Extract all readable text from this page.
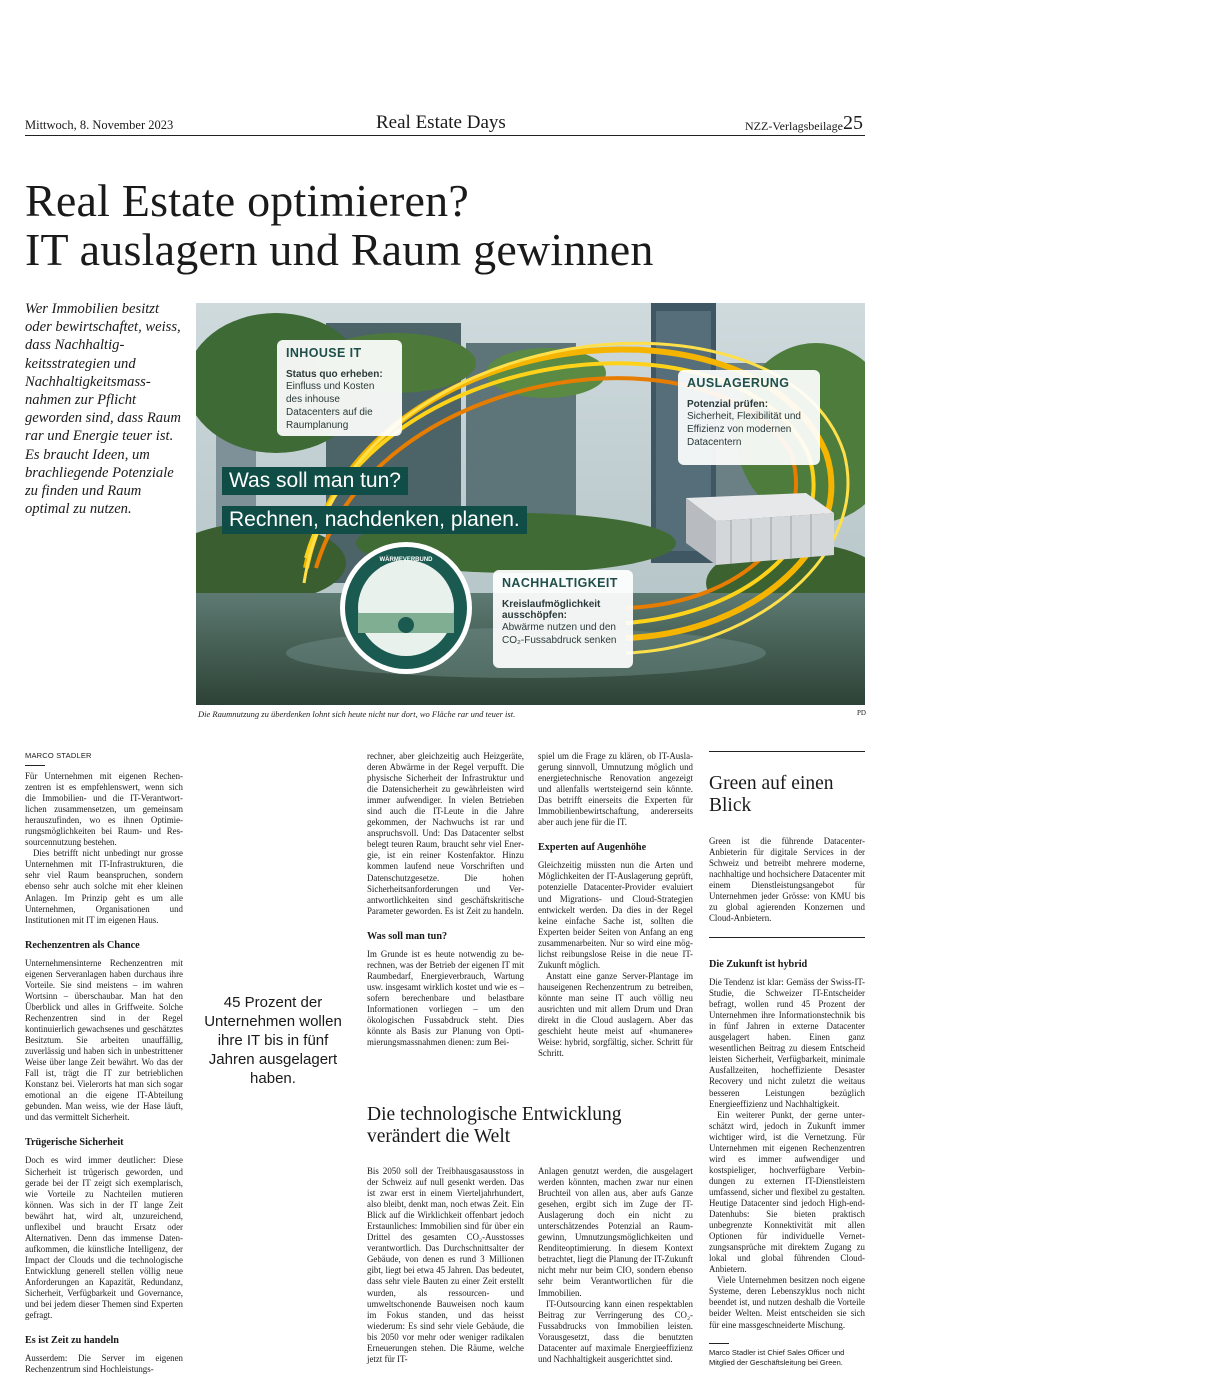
Mittwoch, 8. November 2023	Real Estate Days	NZZ-Verlagsbeilage 25
Real Estate optimieren?
IT auslagern und Raum gewinnen
Wer Immobilien besitzt oder bewirtschaftet, weiss, dass Nachhaltigkeitsstrategien und Nachhaltigkeitsmassnahmen zur Pflicht geworden sind, dass Raum rar und Energie teuer ist. Es braucht Ideen, um brachliegende Potenziale zu finden und Raum optimal zu nutzen.
WÄRMEVERBUND
INHOUSE IT
Status quo erheben:
Einfluss und Kosten des inhouse Datacenters auf die Raumplanung
AUSLAGERUNG
Potenzial prüfen:
Sicherheit, Flexibilität und Effizienz von modernen Datacentern
NACHHALTIGKEIT
Kreislaufmöglichkeit ausschöpfen:
Abwärme nutzen und den CO₂-Fussabdruck senken
Was soll man tun?
Rechnen, nachdenken, planen.
Die Raumnutzung zu überdenken lohnt sich heute nicht nur dort, wo Fläche rar und teuer ist.	PD
MARCO STADLER

Für Unternehmen mit eigenen Rechenzentren ist es empfehlenswert, wenn sich die Immobilien- und die IT-Verantwortlichen zusammensetzen, um gemeinsam herauszufinden, wo es ihnen Optimierungsmöglichkeiten bei Raum- und Ressourcennutzung bestehen.

Dies betrifft nicht unbedingt nur grosse Unternehmen mit IT-Infrastrukturen, die sehr viel Raum beanspruchen, sondern ebenso sehr auch solche mit eher kleinen Anlagen. Im Prinzip geht es um alle Unternehmen, Organisationen und Institutionen mit IT im eigenen Haus.

Rechenzentren als Chance

Unternehmensinterne Rechenzentren mit eigenen Serveranlagen haben durchaus ihre Vorteile. Sie sind meistens – im wahren Wortsinn – überschaubar. Man hat den Überblick und alles in Griffweite. Solche Rechenzentren sind in der Regel kontinuierlich gewachsenes und geschätztes Besitztum. Sie arbeiten unauffällig, zuverlässig und haben sich in unbestrittener Weise über lange Zeit bewährt. Wo das der Fall ist, trägt die IT zur betrieblichen Konstanz bei. Vielerorts hat man sich sogar emotional an die eigene IT-Abteilung gebunden. Man weiss, wie der Hase läuft, und das vermittelt Sicherheit.

Trügerische Sicherheit

Doch es wird immer deutlicher: Diese Sicherheit ist trügerisch geworden, und gerade bei der IT zeigt sich exemplarisch, wie Vorteile zu Nachteilen mutieren können. Was sich in der IT lange Zeit bewährt hat, wird alt, unzureichend, unflexibel und braucht Ersatz oder Alternativen. Denn das immense Datenaufkommen, die künstliche Intelligenz, der Impact der Clouds und die technologische Entwicklung generell stellen völlig neue Anforderungen an Kapazität, Redundanz, Sicherheit, Verfügbarkeit und Governance, und bei jedem dieser Themen sind Experten gefragt.

Es ist Zeit zu handeln

Ausserdem: Die Server im eigenen Rechenzentrum sind Hochleistungs-

45 Prozent der Unternehmen wollen ihre IT bis in fünf Jahren ausgelagert haben.

rechner, aber gleichzeitig auch Heizgeräte, deren Abwärme in der Regel verpufft. Die physische Sicherheit der Infrastruktur und die Datensicherheit zu gewährleisten wird immer aufwendiger. In vielen Betrieben sind auch die IT-Leute in die Jahre gekommen, der Nachwuchs ist rar und anspruchsvoll. Und: Das Datacenter selbst belegt teuren Raum, braucht sehr viel Energie, ist ein reiner Kostenfaktor. Hinzu kommen laufend neue Vorschriften und Datenschutzgesetze. Die hohen Sicherheitsanforderungen und Verantwortlichkeiten sind geschäftskritische Parameter geworden. Es ist Zeit zu handeln.

Was soll man tun?

Im Grunde ist es heute notwendig zu berechnen, was der Betrieb der eigenen IT mit Raumbedarf, Energieverbrauch, Wartung usw. insgesamt wirklich kostet und wie es – sofern berechenbare und belastbare Informationen vorliegen – um den ökologischen Fussabdruck steht. Dies könnte als Basis zur Planung von Optimierungsmassnahmen dienen: zum Bei-

spiel um die Frage zu klären, ob IT-Auslagerung sinnvoll, Umnutzung möglich und energietechnische Renovation angezeigt und allenfalls wertsteigernd sein könnte. Das betrifft einerseits die Experten für Immobilienbewirtschaftung, andererseits aber auch jene für die IT.

Experten auf Augenhöhe

Gleichzeitig müssten nun die Arten und Möglichkeiten der IT-Auslagerung geprüft, potenzielle Datacenter-Provider evaluiert und Migrations- und Cloud-Strategien entwickelt werden. Da dies in der Regel keine einfache Sache ist, sollten die Experten beider Seiten von Anfang an eng zusammenarbeiten. Nur so wird eine möglichst reibungslose Reise in die neue IT-Zukunft möglich.

Anstatt eine ganze Server-Plantage im hauseigenen Rechenzentrum zu betreiben, könnte man seine IT auch völlig neu ausrichten und mit allem Drum und Dran direkt in die Cloud auslagern. Aber das geschieht heute meist auf «humanere» Weise: hybrid, sorgfältig, sicher. Schritt für Schritt.

Die technologische Entwicklung verändert die Welt

Bis 2050 soll der Treibhausgasausstoss in der Schweiz auf null gesenkt werden. Das ist zwar erst in einem Vierteljahrhundert, also bleibt, denkt man, noch etwas Zeit. Ein Blick auf die Wirklichkeit offenbart jedoch Erstaunliches: Immobilien sind für über ein Drittel des gesamten CO₂-Ausstosses verantwortlich. Das Durchschnittsalter der Gebäude, von denen es rund 3 Millionen gibt, liegt bei etwa 45 Jahren. Das bedeutet, dass sehr viele Bauten zu einer Zeit erstellt wurden, als ressourcen- und umweltschonende Bauweisen noch kaum im Fokus standen, und das heisst wiederum: Es sind sehr viele Gebäude, die bis 2050 vor mehr oder weniger radikalen Erneuerungen stehen. Die Räume, welche jetzt für IT-

Anlagen genutzt werden, die ausgelagert werden könnten, machen zwar nur einen Bruchteil von allen aus, aber aufs Ganze gesehen, ergibt sich im Zuge der IT-Auslagerung doch ein nicht zu unterschätzendes Potenzial an Raumgewinn, Umnutzungsmöglichkeiten und Renditeoptimierung. In diesem Kontext betrachtet, liegt die Planung der IT-Zukunft nicht mehr nur beim CIO, sondern ebenso sehr beim Verantwortlichen für die Immobilien.

IT-Outsourcing kann einen respektablen Beitrag zur Verringerung des CO₂-Fussabdrucks von Immobilien leisten. Vorausgesetzt, dass die benutzten Datacenter auf maximale Energieeffizienz und Nachhaltigkeit ausgerichttet sind.

Green auf einen
Blick

Green ist die führende Datacenter-Anbieterin für digitale Services in der Schweiz und betreibt mehrere moderne, nachhaltige und hochsichere Datacenter mit einem Dienstleistungsangebot für Unternehmen jeder Grösse: von KMU bis zu global agierenden Konzernen und Cloud-Anbietern.

Die Zukunft ist hybrid

Die Tendenz ist klar: Gemäss der Swiss-IT-Studie, die Schweizer IT-Entscheider befragt, wollen rund 45 Prozent der Unternehmen ihre Informationstechnik bis in fünf Jahren in externe Datacenter ausgelagert haben. Einen ganz wesentlichen Beitrag zu diesem Entscheid leisten Sicherheit, Verfügbarkeit, minimale Ausfallzeiten, hocheffiziente Desaster Recovery und nicht zuletzt die weitaus besseren Leistungen bezüglich Energieeffizienz und Nachhaltigkeit.

Ein weiterer Punkt, der gerne unterschätzt wird, jedoch in Zukunft immer wichtiger wird, ist die Vernetzung. Für Unternehmen mit eigenen Rechenzentren wird es immer aufwendiger und kostspieliger, hochverfügbare Verbindungen zu externen IT-Dienstleistern umfassend, sicher und flexibel zu gestalten. Heutige Datacenter sind jedoch High-end-Datenhubs: Sie bieten praktisch unbegrenzte Konnektivität mit allen Optionen für individuelle Vernetzungsansprüche mit direktem Zugang zu lokal und global führenden Cloud-Anbietern.

Viele Unternehmen besitzen noch eigene Systeme, deren Lebenszyklus noch nicht beendet ist, und nutzen deshalb die Vorteile beider Welten. Meist entscheiden sie sich für eine massgeschneiderte Mischung.

Marco Stadler ist Chief Sales Officer und Mitglied der Geschäftsleitung bei Green.
